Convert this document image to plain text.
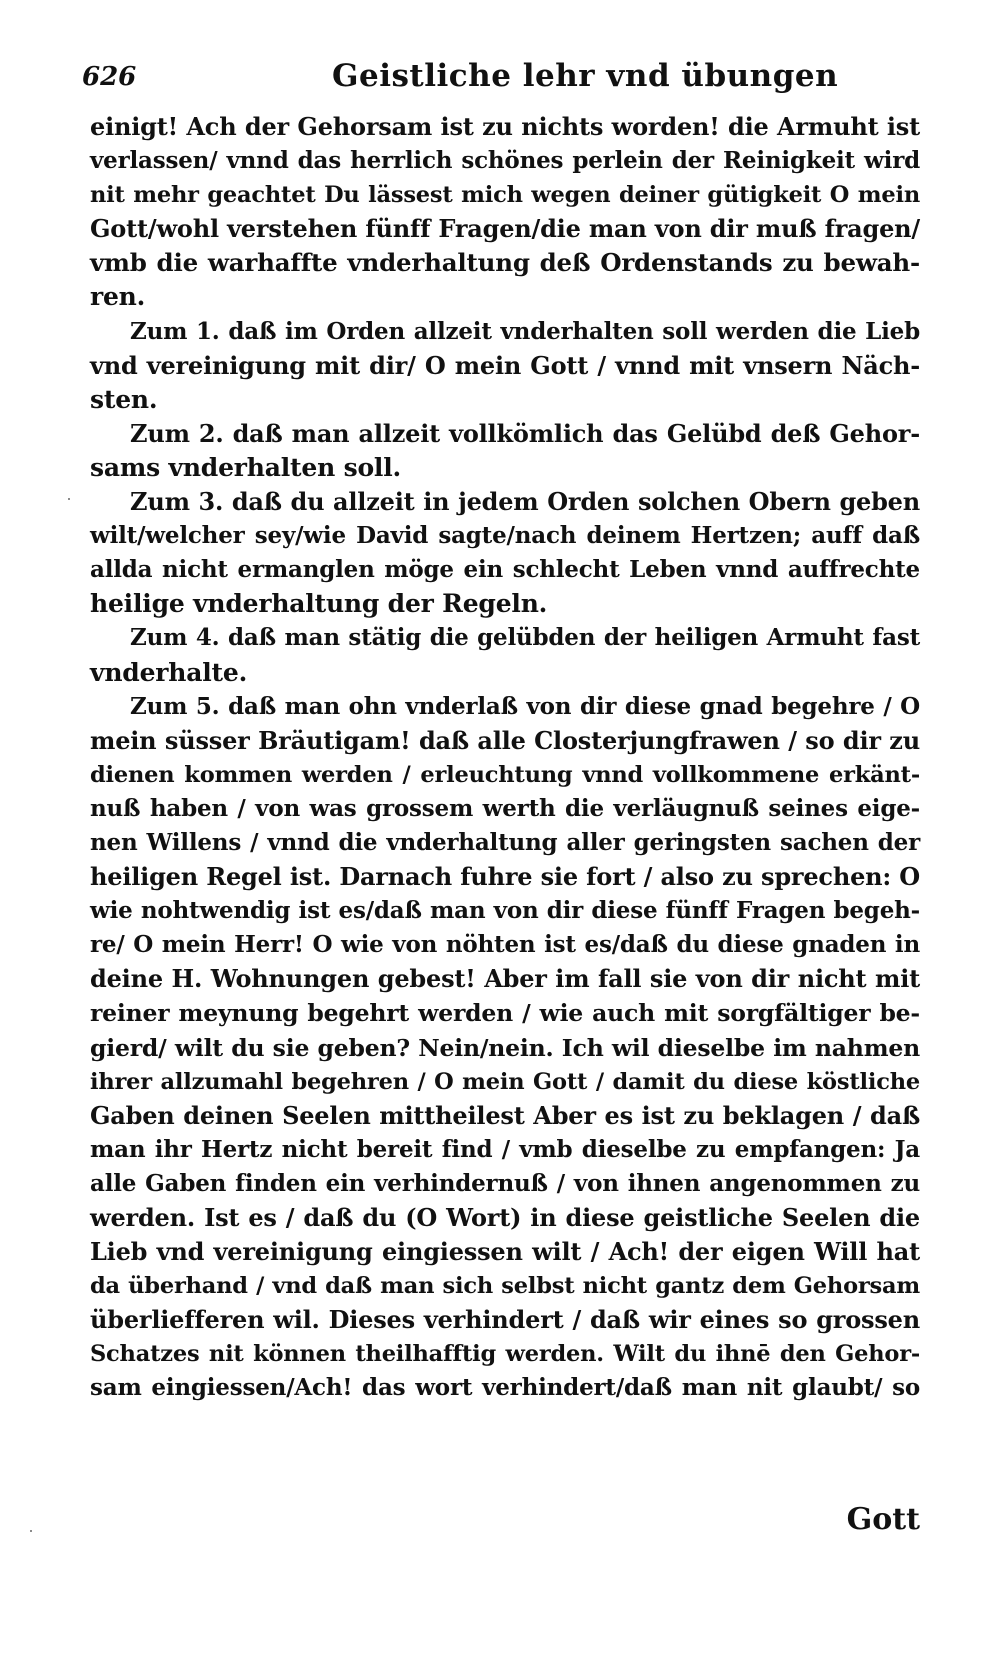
626	Geistliche lehr vnd übungen
einigt! Ach der Gehorsam ist zu nichts worden! die Armuht ist
verlassen/ vnnd das herrlich schönes perlein der Reinigkeit wird
nit mehr geachtet Du lässest mich wegen deiner gütigkeit O mein
Gott/wohl verstehen fünff Fragen/die man von dir muß fragen/
vmb die warhaffte vnderhaltung deß Ordenstands zu bewah-
ren.
Zum 1. daß im Orden allzeit vnderhalten soll werden die Lieb
vnd vereinigung mit dir/ O mein Gott / vnnd mit vnsern Näch-
sten.
Zum 2. daß man allzeit vollkömlich das Gelübd deß Gehor-
sams vnderhalten soll.
Zum 3. daß du allzeit in jedem Orden solchen Obern geben
wilt/welcher sey/wie David sagte/nach deinem Hertzen; auff daß
allda nicht ermanglen möge ein schlecht Leben vnnd auffrechte
heilige vnderhaltung der Regeln.
Zum 4. daß man stätig die gelübden der heiligen Armuht fast
vnderhalte.
Zum 5. daß man ohn vnderlaß von dir diese gnad begehre / O
mein süsser Bräutigam! daß alle Closterjungfrawen / so dir zu
dienen kommen werden / erleuchtung vnnd vollkommene erkänt-
nuß haben / von was grossem werth die verläugnuß seines eige-
nen Willens / vnnd die vnderhaltung aller geringsten sachen der
heiligen Regel ist. Darnach fuhre sie fort / also zu sprechen: O
wie nohtwendig ist es/daß man von dir diese fünff Fragen begeh-
re/ O mein Herr! O wie von nöhten ist es/daß du diese gnaden in
deine H. Wohnungen gebest! Aber im fall sie von dir nicht mit
reiner meynung begehrt werden / wie auch mit sorgfältiger be-
gierd/ wilt du sie geben? Nein/nein. Ich wil dieselbe im nahmen
ihrer allzumahl begehren / O mein Gott / damit du diese köstliche
Gaben deinen Seelen mittheilest Aber es ist zu beklagen / daß
man ihr Hertz nicht bereit find / vmb dieselbe zu empfangen: Ja
alle Gaben finden ein verhindernuß / von ihnen angenommen zu
werden. Ist es / daß du (O Wort) in diese geistliche Seelen die
Lieb vnd vereinigung eingiessen wilt / Ach! der eigen Will hat
da überhand / vnd daß man sich selbst nicht gantz dem Gehorsam
überliefferen wil. Dieses verhindert / daß wir eines so grossen
Schatzes nit können theilhafftig werden. Wilt du ihnē den Gehor-
sam eingiessen/Ach! das wort verhindert/daß man nit glaubt/ so
Gott
